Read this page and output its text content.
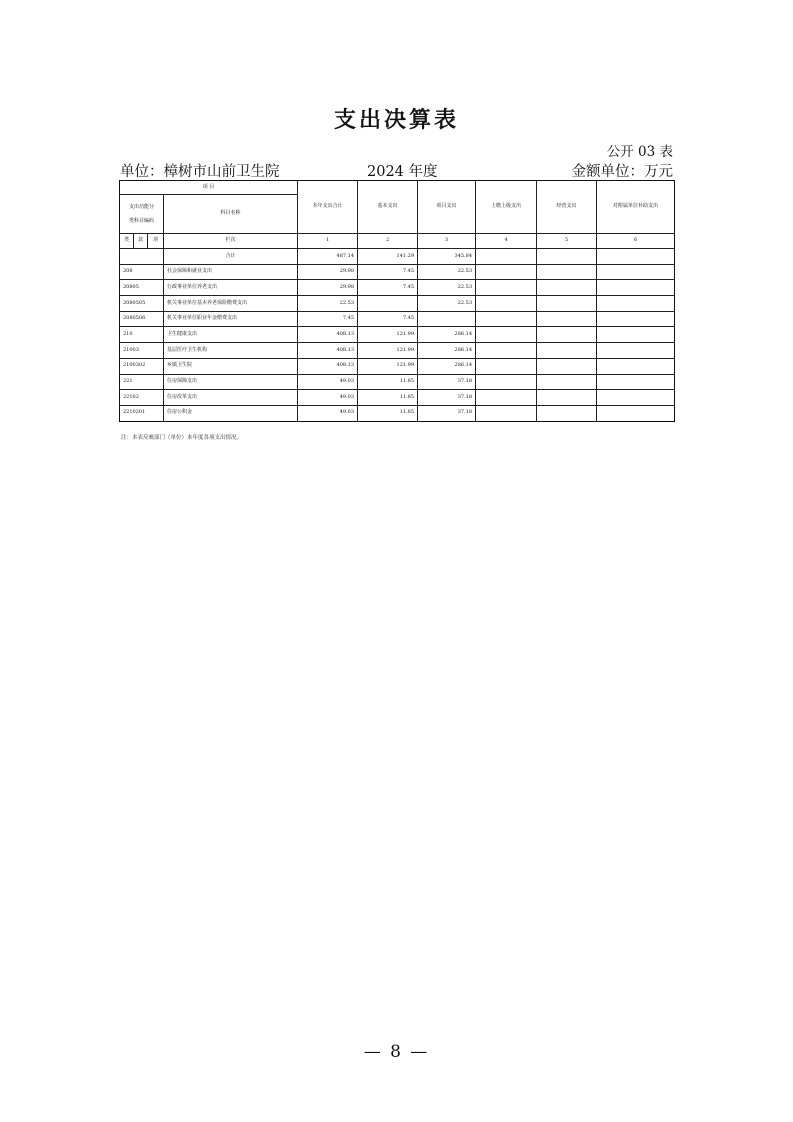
支出决算表
公开 03 表
单位：樟树市山前卫生院	2024 年度	金额单位：万元
项 目				本年支出合计	基本支出	项目支出	上缴上级支出	经营支出	对附属单位补助支出

支出功能分
类科目编码			科目名称						
类	款	项		1	2	3	4	5	6
			栏次						
			合计	487.14	141.29	345.84			
208			社会保障和就业支出	29.98	7.45	22.53			
20805			行政事业单位养老支出	29.98	7.45	22.53			
2080505			机关事业单位基本养老保险缴费支出	22.53		22.53			
2080506			机关事业单位职业年金缴费支出	7.45	7.45				
210			卫生健康支出	408.13	121.99	286.14			
21003			基层医疗卫生机构	408.13	121.99	286.14			
2100302			乡镇卫生院	408.13	121.99	286.14			
221			住房保障支出	49.03	11.85	37.18			
22102			住房改革支出	49.03	11.85	37.18			
2210201			住房公积金	49.03	11.85	37.18			
注：本表反映部门（单位）本年度各项支出情况。
— 8 —
